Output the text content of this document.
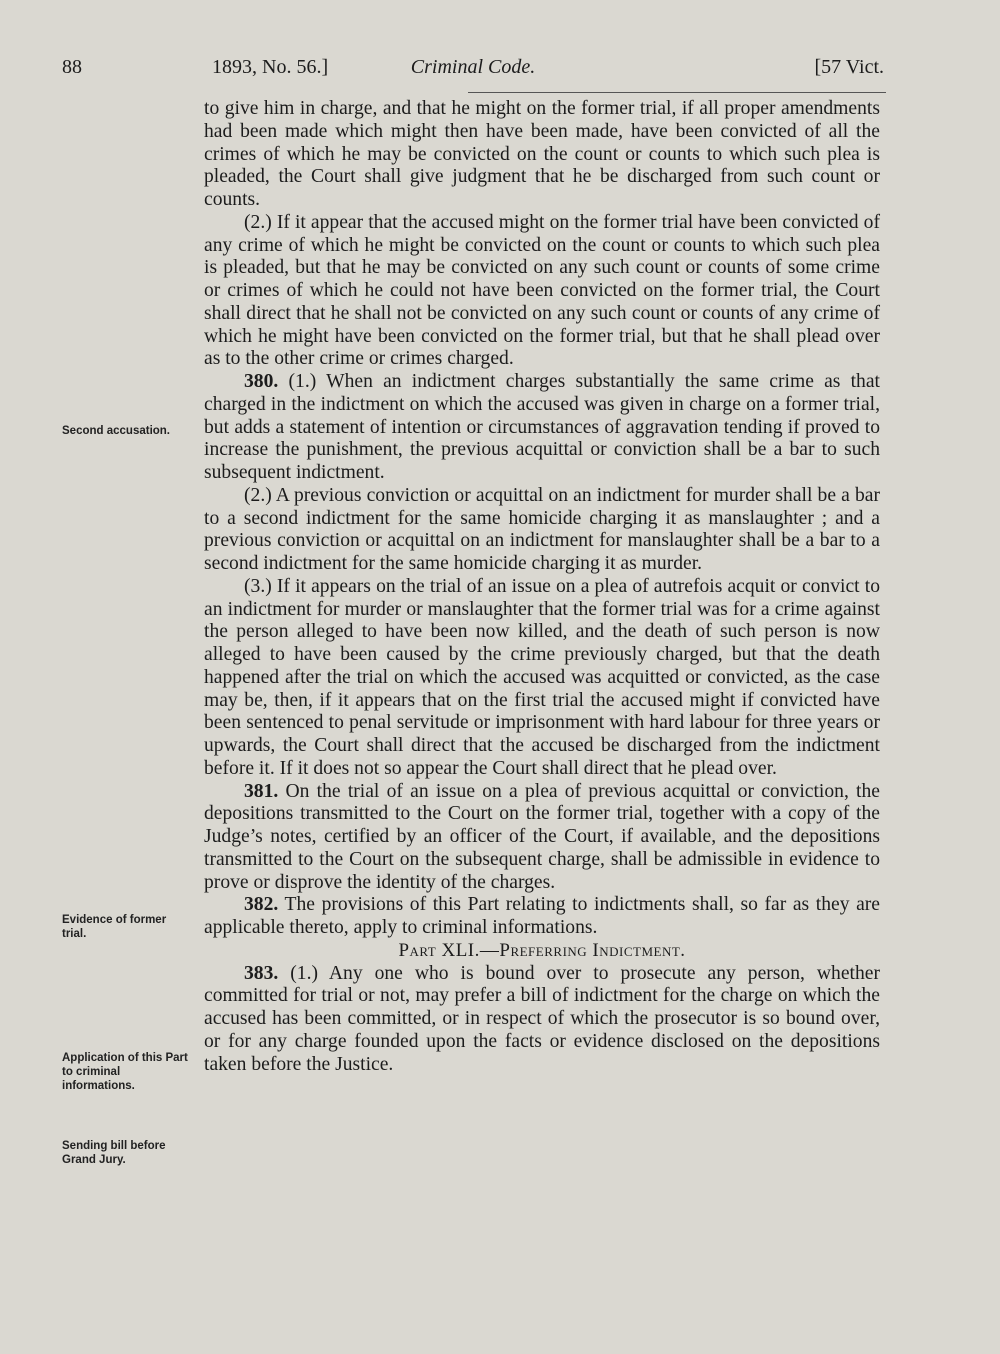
88	1893, No. 56.]	Criminal Code.	[57 Vict.
Second accusation.
Evidence of former trial.
Application of this Part to criminal informations.
Sending bill before Grand Jury.

to give him in charge, and that he might on the former trial, if all proper amendments had been made which might then have been made, have been convicted of all the crimes of which he may be convicted on the count or counts to which such plea is pleaded, the Court shall give judgment that he be discharged from such count or counts.

(2.) If it appear that the accused might on the former trial have been convicted of any crime of which he might be convicted on the count or counts to which such plea is pleaded, but that he may be convicted on any such count or counts of some crime or crimes of which he could not have been convicted on the former trial, the Court shall direct that he shall not be convicted on any such count or counts of any crime of which he might have been convicted on the former trial, but that he shall plead over as to the other crime or crimes charged.

380. (1.) When an indictment charges substantially the same crime as that charged in the indictment on which the accused was given in charge on a former trial, but adds a statement of intention or circumstances of aggravation tending if proved to increase the punishment, the previous acquittal or conviction shall be a bar to such subsequent indictment.

(2.) A previous conviction or acquittal on an indictment for murder shall be a bar to a second indictment for the same homicide charging it as manslaughter ; and a previous conviction or acquittal on an indictment for manslaughter shall be a bar to a second indictment for the same homicide charging it as murder.

(3.) If it appears on the trial of an issue on a plea of autrefois acquit or convict to an indictment for murder or manslaughter that the former trial was for a crime against the person alleged to have been now killed, and the death of such person is now alleged to have been caused by the crime previously charged, but that the death happened after the trial on which the accused was acquitted or convicted, as the case may be, then, if it appears that on the first trial the accused might if convicted have been sentenced to penal servitude or imprisonment with hard labour for three years or upwards, the Court shall direct that the accused be discharged from the indictment before it. If it does not so appear the Court shall direct that he plead over.

381. On the trial of an issue on a plea of previous acquittal or conviction, the depositions transmitted to the Court on the former trial, together with a copy of the Judge’s notes, certified by an officer of the Court, if available, and the depositions transmitted to the Court on the subsequent charge, shall be admissible in evidence to prove or disprove the identity of the charges.

382. The provisions of this Part relating to indictments shall, so far as they are applicable thereto, apply to criminal informations.

Part XLI.—Preferring Indictment.

383. (1.) Any one who is bound over to prosecute any person, whether committed for trial or not, may prefer a bill of indictment for the charge on which the accused has been committed, or in respect of which the prosecutor is so bound over, or for any charge founded upon the facts or evidence disclosed on the depositions taken before the Justice.
